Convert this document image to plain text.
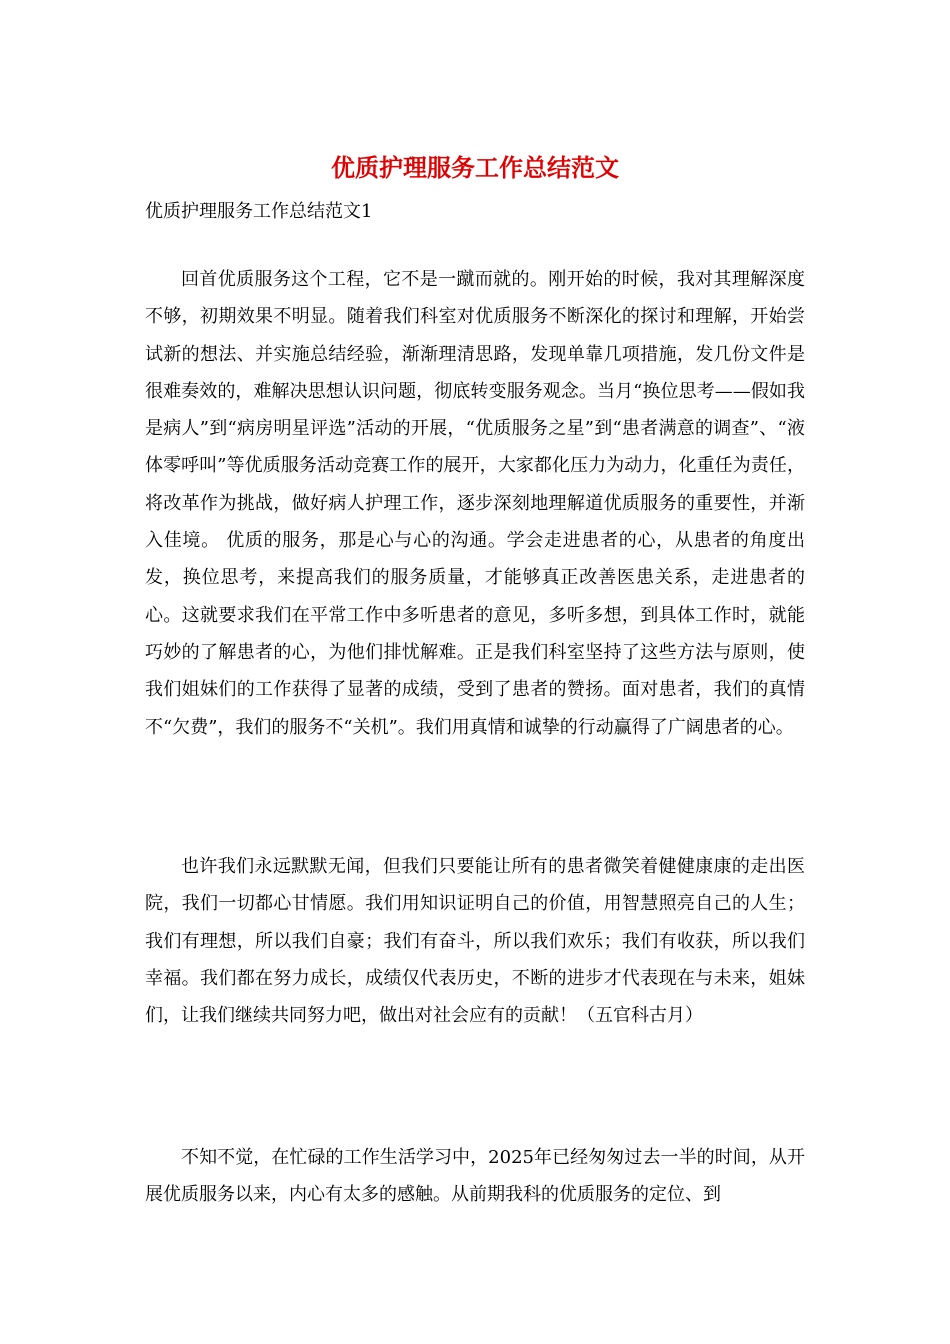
优质护理服务工作总结范文

优质护理服务工作总结范文1

回首优质服务这个工程，它不是一蹴而就的。刚开始的时候，我对其理解深度不够，初期效果不明显。随着我们科室对优质服务不断深化的探讨和理解，开始尝试新的想法、并实施总结经验，渐渐理清思路，发现单靠几项措施，发几份文件是很难奏效的，难解决思想认识问题，彻底转变服务观念。当月“换位思考——假如我是病人”到“病房明星评选”活动的开展，“优质服务之星”到“患者满意的调查”、“液体零呼叫”等优质服务活动竞赛工作的展开，大家都化压力为动力，化重任为责任，将改革作为挑战，做好病人护理工作，逐步深刻地理解道优质服务的重要性，并渐入佳境。 优质的服务，那是心与心的沟通。学会走进患者的心，从患者的角度出发，换位思考，来提高我们的服务质量，才能够真正改善医患关系，走进患者的心。这就要求我们在平常工作中多听患者的意见，多听多想，到具体工作时，就能巧妙的了解患者的心，为他们排忧解难。正是我们科室坚持了这些方法与原则，使我们姐妹们的工作获得了显著的成绩，受到了患者的赞扬。面对患者，我们的真情不“欠费”，我们的服务不“关机”。我们用真情和诚挚的行动赢得了广阔患者的心。

也许我们永远默默无闻，但我们只要能让所有的患者微笑着健健康康的走出医院，我们一切都心甘情愿。我们用知识证明自己的价值，用智慧照亮自己的人生；我们有理想，所以我们自豪；我们有奋斗，所以我们欢乐；我们有收获，所以我们幸福。我们都在努力成长，成绩仅代表历史，不断的进步才代表现在与未来，姐妹们，让我们继续共同努力吧，做出对社会应有的贡献！（五官科古月）

不知不觉，在忙碌的工作生活学习中，2025年已经匆匆过去一半的时间，从开展优质服务以来，内心有太多的感触。从前期我科的优质服务的定位、到
